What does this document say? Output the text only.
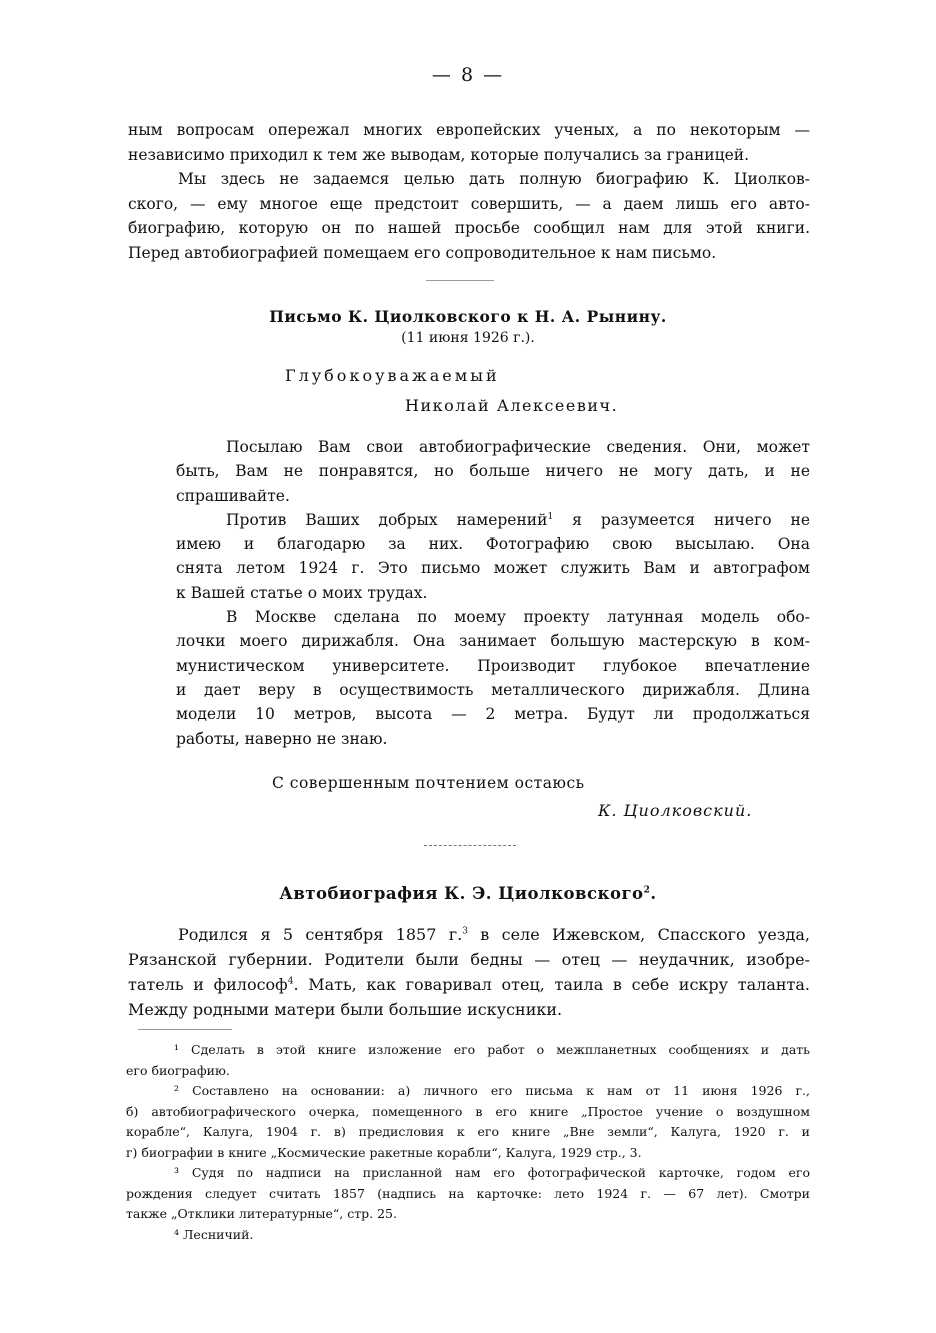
— 8 —
ным вопросам опережал многих европейских ученых, а по некоторым —
независимо приходил к тем же выводам, которые получались за границей.
Мы здесь не задаемся целью дать полную биографию К. Циолков-
ского, — ему многое еще предстоит совершить, — а даем лишь его авто-
биографию, которую он по нашей просьбе сообщил нам для этой книги.
Перед автобиографией помещаем его сопроводительное к нам письмо.
Письмо К. Циолковского к Н. А. Рынину.
(11 июня 1926 г.).
Глубокоуважаемый
Николай Алексеевич.
Посылаю Вам свои автобиографические сведения. Они, может
быть, Вам не понравятся, но больше ничего не могу дать, и не
спрашивайте.
Против Ваших добрых намерений$^1$ я разумеется ничего не
имею и благодарю за них. Фотографию свою высылаю. Она
снята летом 1924 г. Это письмо может служить Вам и автографом
к Вашей статье о моих трудах.
В Москве сделана по моему проекту латунная модель обо-
лочки моего дирижабля. Она занимает большую мастерскую в ком-
мунистическом университете. Производит глубокое впечатление
и дает веру в осуществимость металлического дирижабля. Длина
модели 10 метров, высота — 2 метра. Будут ли продолжаться
работы, наверно не знаю.
С совершенным почтением остаюсь
К. Циолковский.
Автобиография К. Э. Циолковского$^2$.
Родился я 5 сентября 1857 г.$^3$ в селе Ижевском, Спасского уезда,
Рязанской губернии. Родители были бедны — отец — неудачник, изобре-
татель и философ$^4$. Мать, как говаривал отец, таила в себе искру таланта.
Между родными матери были большие искусники.
¹ Сделать в этой книге изложение его работ о межпланетных сообщениях и дать
его биографию.
² Составлено на основании: а) личного его письма к нам от 11 июня 1926 г.,
б) автобиографического очерка, помещенного в его книге „Простое учение о воздушном
корабле“, Калуга, 1904 г. в) предисловия к его книге „Вне земли“, Калуга, 1920 г. и
г) биографии в книге „Космические ракетные корабли“, Калуга, 1929 стр., 3.
³ Судя по надписи на присланной нам его фотографической карточке, годом его
рождения следует считать 1857 (надпись на карточке: лето 1924 г. — 67 лет). Смотри
также „Отклики литературные“, стр. 25.
⁴ Лесничий.
